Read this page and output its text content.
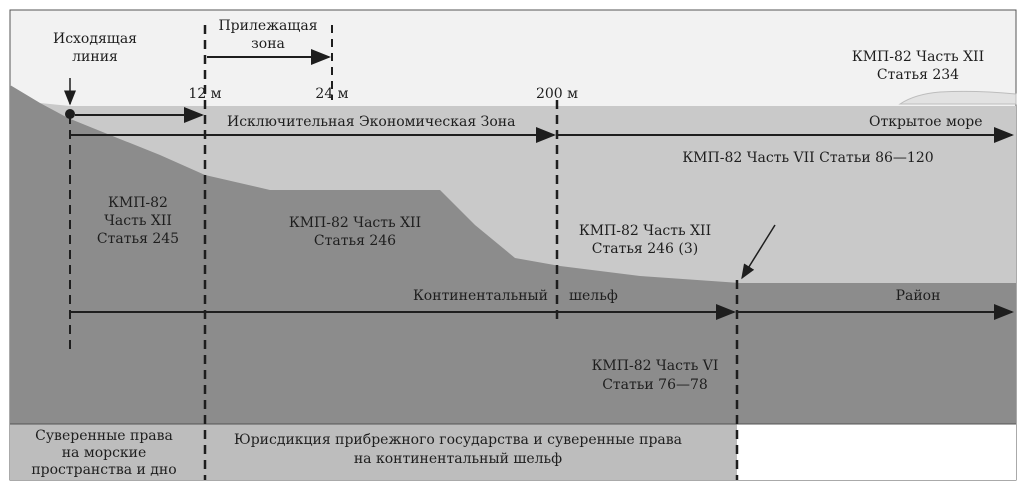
Исходящая
линия
Прилежащая
зона
КМП-82 Часть XII
Статья 234
12 м	24 м	200 м
Исключительная Экономическая Зона	Открытое море
КМП-82 Часть VII Статьи 86—120
КМП-82
Часть XII
Статья 245
КМП-82 Часть XII
Статья 246
КМП-82 Часть XII
Статья 246 (3)
Континентальный шельф	Район
КМП-82 Часть VI
Статьи 76—78
Суверенные права
на морские
пространства и дно
Юрисдикция прибрежного государства и суверенные права
на континентальный шельф
